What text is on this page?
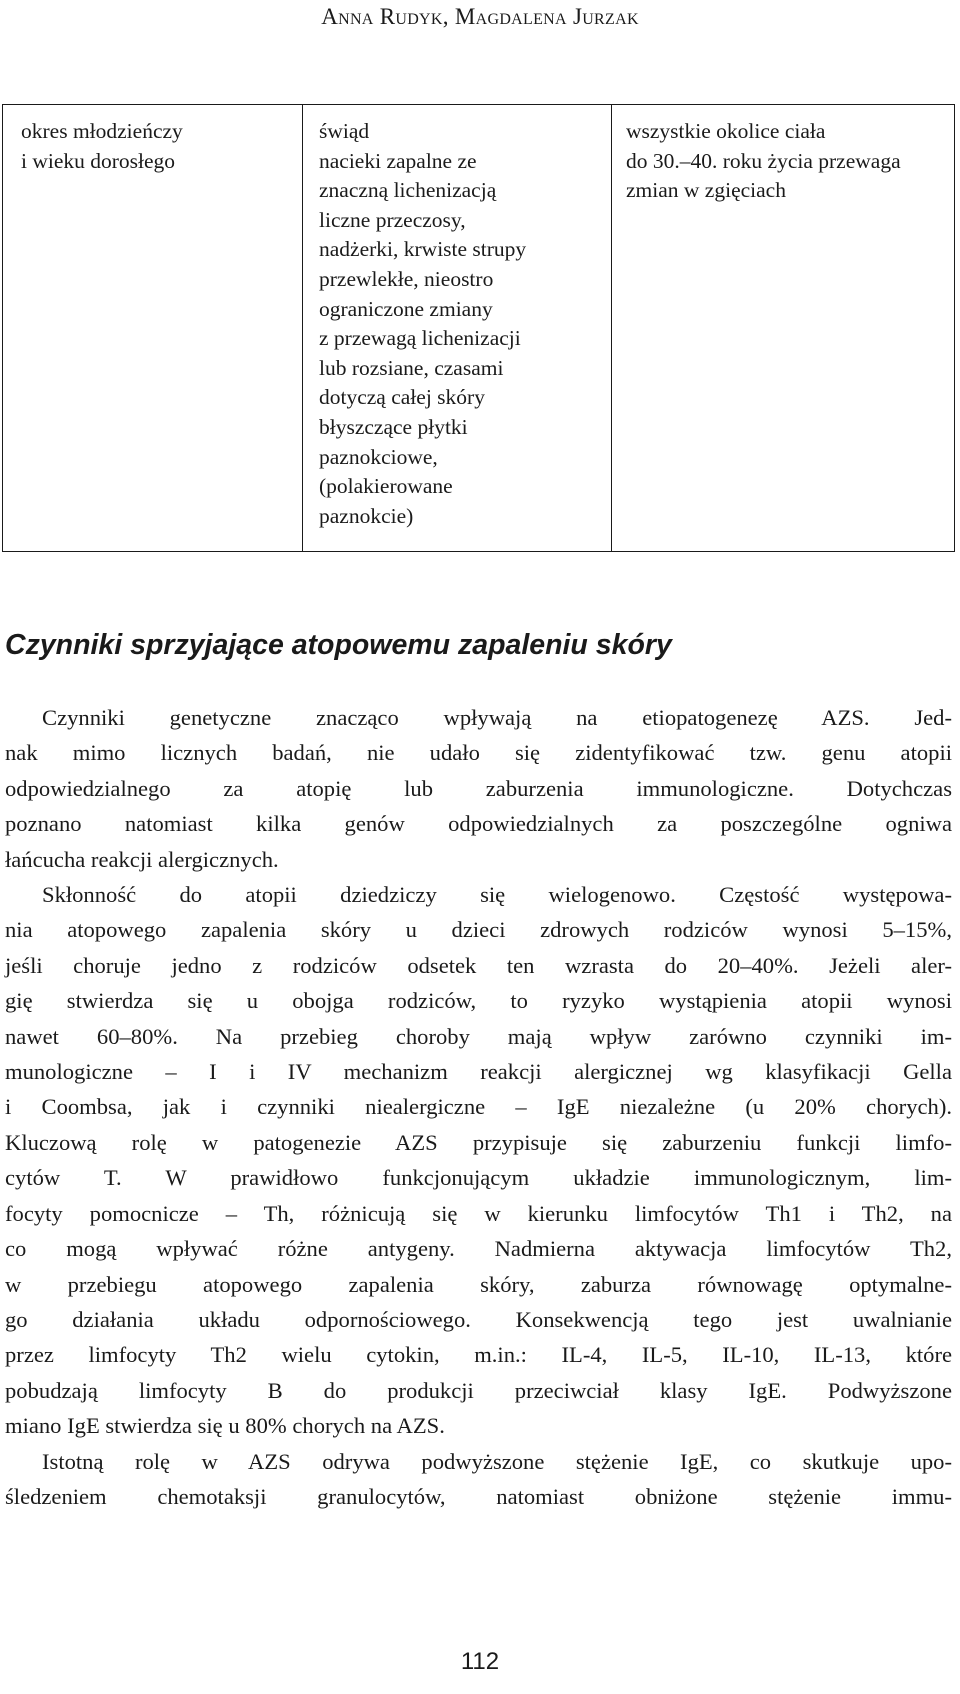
Anna Rudyk, Magdalena Jurzak
okres młodzieńczy
i wieku dorosłego

świąd
nacieki zapalne ze
znaczną lichenizacją
liczne przeczosy,
nadżerki, krwiste strupy
przewlekłe, nieostro
ograniczone zmiany
z przewagą lichenizacji
lub rozsiane, czasami
dotyczą całej skóry
błyszczące płytki
paznokciowe,
(polakierowane
paznokcie)

wszystkie okolice ciała
do 30.–40. roku życia przewaga
zmian w zgięciach
Czynniki sprzyjające atopowemu zapaleniu skóry
Czynniki genetyczne znacząco wpływają na etiopatogenezę AZS. Jed-
nak mimo licznych badań, nie udało się zidentyfikować tzw. genu atopii
odpowiedzialnego za atopię lub zaburzenia immunologiczne. Dotychczas
poznano natomiast kilka genów odpowiedzialnych za poszczególne ogniwa
łańcucha reakcji alergicznych.
Skłonność do atopii dziedziczy się wielogenowo. Częstość występowa-
nia atopowego zapalenia skóry u dzieci zdrowych rodziców wynosi 5–15%,
jeśli choruje jedno z rodziców odsetek ten wzrasta do 20–40%. Jeżeli aler-
gię stwierdza się u obojga rodziców, to ryzyko wystąpienia atopii wynosi
nawet 60–80%. Na przebieg choroby mają wpływ zarówno czynniki im-
munologiczne – I i IV mechanizm reakcji alergicznej wg klasyfikacji Gella
i Coombsa, jak i czynniki niealergiczne – IgE niezależne (u 20% chorych).
Kluczową rolę w patogenezie AZS przypisuje się zaburzeniu funkcji limfo-
cytów T. W prawidłowo funkcjonującym układzie immunologicznym, lim-
focyty pomocnicze – Th, różnicują się w kierunku limfocytów Th1 i Th2, na
co mogą wpływać różne antygeny. Nadmierna aktywacja limfocytów Th2,
w przebiegu atopowego zapalenia skóry, zaburza równowagę optymalne-
go działania układu odpornościowego. Konsekwencją tego jest uwalnianie
przez limfocyty Th2 wielu cytokin, m.in.: IL-4, IL-5, IL-10, IL-13, które
pobudzają limfocyty B do produkcji przeciwciał klasy IgE. Podwyższone
miano IgE stwierdza się u 80% chorych na AZS.
Istotną rolę w AZS odrywa podwyższone stężenie IgE, co skutkuje upo-
śledzeniem chemotaksji granulocytów, natomiast obniżone stężenie immu-
112
